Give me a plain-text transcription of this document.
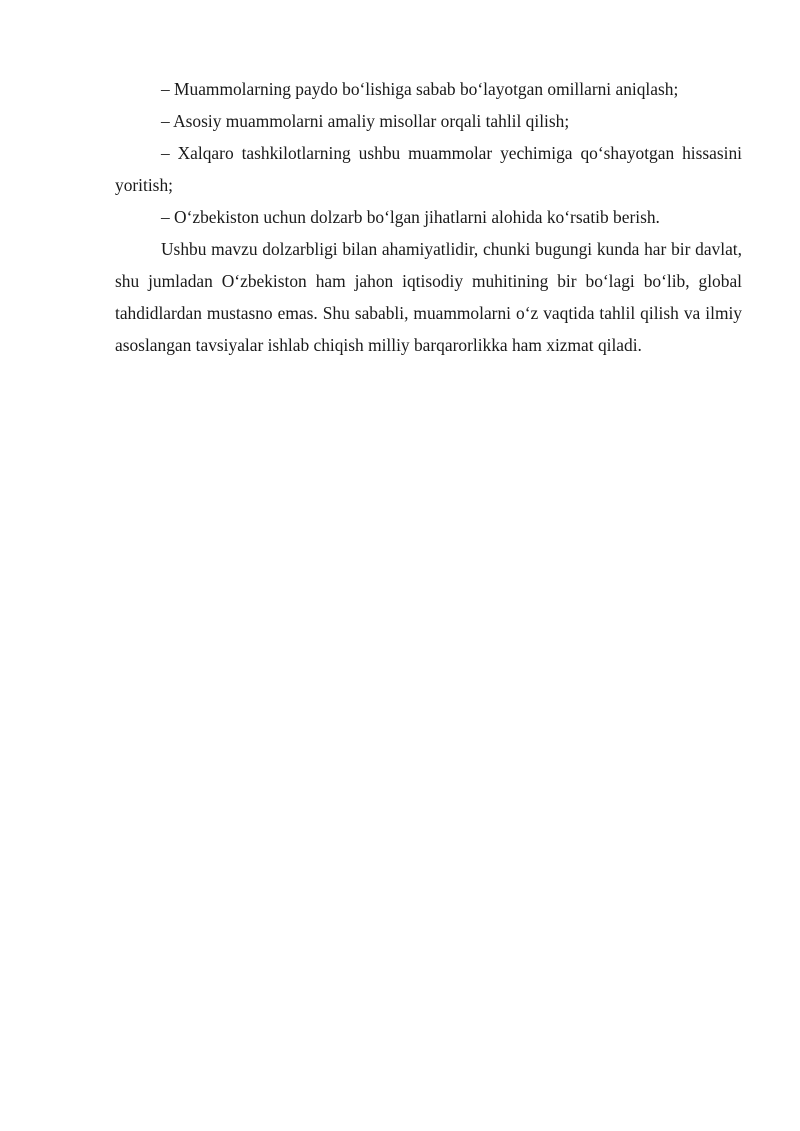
– Muammolarning paydo bo‘lishiga sabab bo‘layotgan omillarni aniqlash;

– Asosiy muammolarni amaliy misollar orqali tahlil qilish;

– Xalqaro tashkilotlarning ushbu muammolar yechimiga qo‘shayotgan hissasini yoritish;

– O‘zbekiston uchun dolzarb bo‘lgan jihatlarni alohida ko‘rsatib berish.

Ushbu mavzu dolzarbligi bilan ahamiyatlidir, chunki bugungi kunda har bir davlat, shu jumladan O‘zbekiston ham jahon iqtisodiy muhitining bir bo‘lagi bo‘lib, global tahdidlardan mustasno emas. Shu sababli, muammolarni o‘z vaqtida tahlil qilish va ilmiy asoslangan tavsiyalar ishlab chiqish milliy barqarorlikka ham xizmat qiladi.
